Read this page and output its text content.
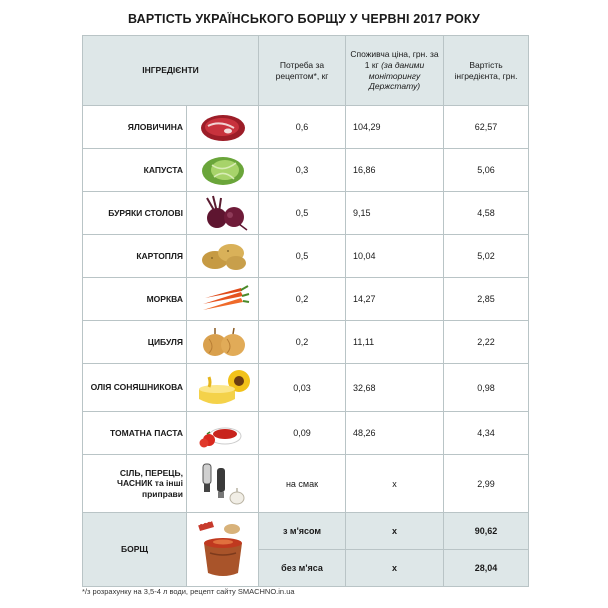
ВАРТІСТЬ УКРАЇНСЬКОГО БОРЩУ У ЧЕРВНІ 2017 РОКУ
ІНГРЕДІЄНТИ		Потреба за рецептом*, кг	Споживча ціна, грн. за 1 кг (за даними моніторингу Держстату)	Вартість інгредієнта, грн.
ЯЛОВИЧИНА		0,6	104,29	62,57
КАПУСТА		0,3	16,86	5,06
БУРЯКИ СТОЛОВІ		0,5	9,15	4,58
КАРТОПЛЯ		0,5	10,04	5,02
МОРКВА		0,2	14,27	2,85
ЦИБУЛЯ		0,2	11,11	2,22
ОЛІЯ СОНЯШНИКОВА		0,03	32,68	0,98
ТОМАТНА ПАСТА		0,09	48,26	4,34
СІЛЬ, ПЕРЕЦЬ, ЧАСНИК та інші приправи		на смак	х	2,99
БОРЩ		з м'ясом	х	90,62
		без м'яса	х	28,04
*/з розрахунку на 3,5-4 л води, рецепт сайту SMACHNO.in.ua
